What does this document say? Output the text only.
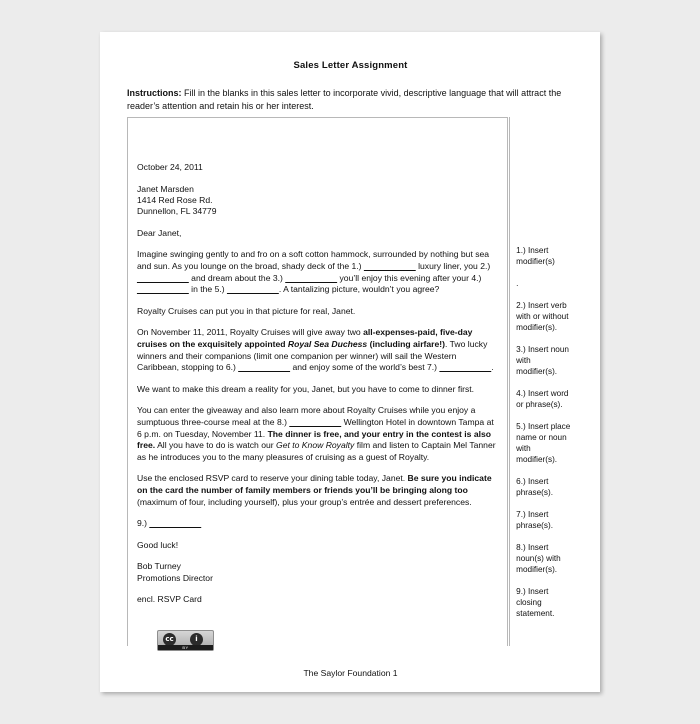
Sales Letter Assignment

Instructions: Fill in the blanks in this sales letter to incorporate vivid, descriptive language that will attract the reader’s attention and retain his or her interest.

October 24, 2011

Janet Marsden
1414 Red Rose Rd.
Dunnellon, FL 34779

Dear Janet,

Imagine swinging gently to and fro on a soft cotton hammock, surrounded by nothing but sea and sun. As you lounge on the broad, shady deck of the 1.) __________ luxury liner, you 2.) __________ and dream about the 3.) __________ you’ll enjoy this evening after your 4.) __________ in the 5.) __________. A tantalizing picture, wouldn’t you agree?

Royalty Cruises can put you in that picture for real, Janet.

On November 11, 2011, Royalty Cruises will give away two all-expenses-paid, five-day cruises on the exquisitely appointed Royal Sea Duchess (including airfare!). Two lucky winners and their companions (limit one companion per winner) will sail the Western Caribbean, stopping to 6.) __________ and enjoy some of the world’s best 7.) __________.

We want to make this dream a reality for you, Janet, but you have to come to dinner first.

You can enter the giveaway and also learn more about Royalty Cruises while you enjoy a sumptuous three-course meal at the 8.) __________ Wellington Hotel in downtown Tampa at 6 p.m. on Tuesday, November 11. The dinner is free, and your entry in the contest is also free. All you have to do is watch our Get to Know Royalty film and listen to Captain Mel Tanner as he introduces you to the many pleasures of cruising as a guest of Royalty.

Use the enclosed RSVP card to reserve your dining table today, Janet. Be sure you indicate on the card the number of family members or friends you’ll be bringing along too (maximum of four, including yourself), plus your group’s entrée and dessert preferences.

9.) __________

Good luck!

Bob Turney
Promotions Director

encl. RSVP Card

1.) Insert modifier(s)

.

2.) Insert verb with or without modifier(s).

3.) Insert noun with modifier(s).

4.) Insert word or phrase(s).

5.) Insert place name or noun with modifier(s).

6.) Insert phrase(s).

7.) Insert phrase(s).

8.) Insert noun(s) with modifier(s).

9.) Insert closing statement.

cc	i
BY
The Saylor Foundation 1
